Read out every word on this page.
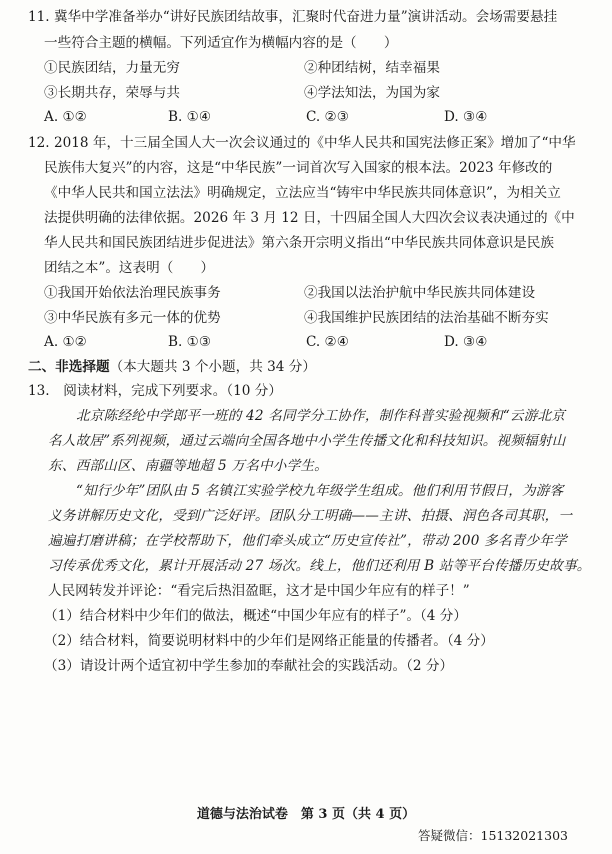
11. 冀华中学准备举办“讲好民族团结故事，汇聚时代奋进力量”演讲活动。会场需要悬挂
一些符合主题的横幅。下列适宜作为横幅内容的是（　　）
①民族团结，力量无穷	②种团结树，结幸福果
③长期共存，荣辱与共	④学法知法，为国为家
A. ①②	B. ①④	C. ②③	D. ③④
12. 2018 年，十三届全国人大一次会议通过的《中华人民共和国宪法修正案》增加了“中华
民族伟大复兴”的内容，这是“中华民族”一词首次写入国家的根本法。2023 年修改的
《中华人民共和国立法法》明确规定，立法应当“铸牢中华民族共同体意识”，为相关立
法提供明确的法律依据。2026 年 3 月 12 日，十四届全国人大四次会议表决通过的《中
华人民共和国民族团结进步促进法》第六条开宗明义指出“中华民族共同体意识是民族
团结之本”。这表明（　　）
①我国开始依法治理民族事务	②我国以法治护航中华民族共同体建设
③中华民族有多元一体的优势	④我国维护民族团结的法治基础不断夯实
A. ①②	B. ①③	C. ②④	D. ③④
二、非选择题（本大题共 3 个小题，共 34 分）
13.　阅读材料，完成下列要求。（10 分）
北京陈经纶中学郎平一班的 42 名同学分工协作，制作科普实验视频和“云游北京
名人故居”系列视频，通过云端向全国各地中小学生传播文化和科技知识。视频辐射山
东、西部山区、南疆等地超 5 万名中小学生。
“知行少年”团队由 5 名镇江实验学校九年级学生组成。他们利用节假日，为游客
义务讲解历史文化，受到广泛好评。团队分工明确——主讲、拍摄、润色各司其职，一
遍遍打磨讲稿；在学校帮助下，他们牵头成立“历史宣传社”，带动 200 多名青少年学
习传承优秀文化，累计开展活动 27 场次。线上，他们还利用 B 站等平台传播历史故事。
人民网转发并评论：“看完后热泪盈眶，这才是中国少年应有的样子！”
（1）结合材料中少年们的做法，概述“中国少年应有的样子”。（4 分）
（2）结合材料，简要说明材料中的少年们是网络正能量的传播者。（4 分）
（3）请设计两个适宜初中学生参加的奉献社会的实践活动。（2 分）
道德与法治试卷　第 3 页（共 4 页）
答疑微信：15132021303
